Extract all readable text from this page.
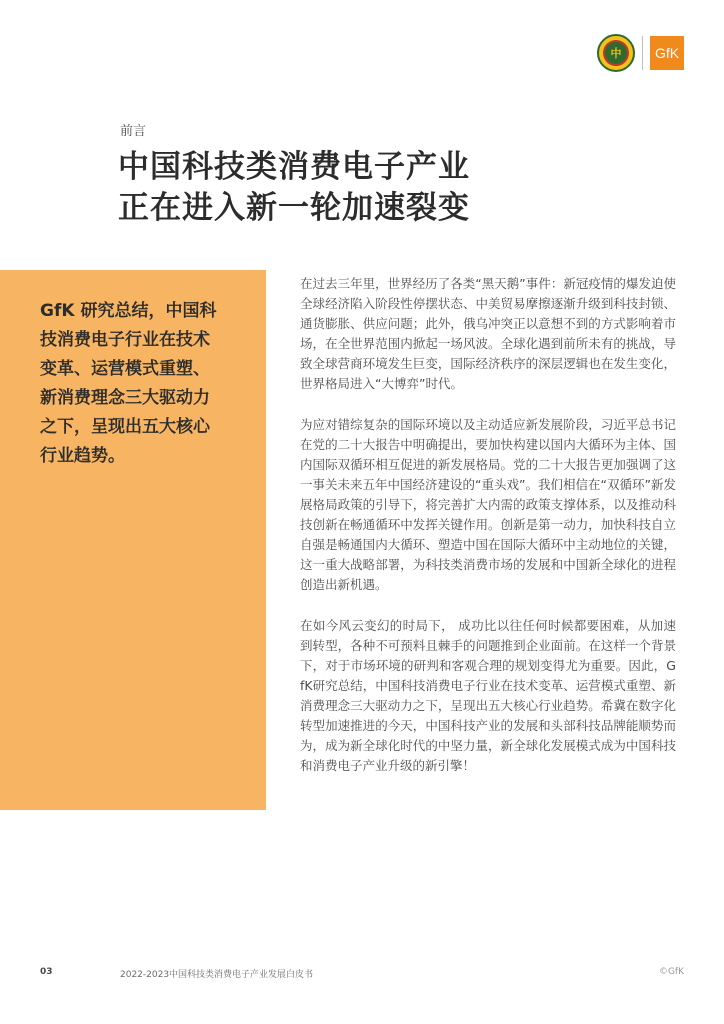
中	GfK
前言
中国科技类消费电子产业
正在进入新一轮加速裂变

GfK 研究总结，中国科
技消费电子行业在技术
变革、运营模式重塑、
新消费理念三大驱动力
之下，呈现出五大核心
行业趋势。

在过去三年里，世界经历了各类“黑天鹅”事件：新冠疫情的爆发迫使全球经济陷入阶段性停摆状态、中美贸易摩擦逐渐升级到科技封锁、通货膨胀、供应问题；此外，俄乌冲突正以意想不到的方式影响着市场，在全世界范围内掀起一场风波。全球化遇到前所未有的挑战，导致全球营商环境发生巨变，国际经济秩序的深层逻辑也在发生变化，世界格局进入“大博弈”时代。

为应对错综复杂的国际环境以及主动适应新发展阶段，习近平总书记在党的二十大报告中明确提出，要加快构建以国内大循环为主体、国内国际双循环相互促进的新发展格局。党的二十大报告更加强调了这一事关未来五年中国经济建设的“重头戏”。我们相信在“双循环”新发展格局政策的引导下，将完善扩大内需的政策支撑体系，以及推动科技创新在畅通循环中发挥关键作用。创新是第一动力，加快科技自立自强是畅通国内大循环、塑造中国在国际大循环中主动地位的关键，这一重大战略部署，为科技类消费市场的发展和中国新全球化的进程创造出新机遇。

在如今风云变幻的时局下， 成功比以往任何时候都要困难，从加速到转型，各种不可预料且棘手的问题推到企业面前。在这样一个背景下，对于市场环境的研判和客观合理的规划变得尤为重要。因此，GfK研究总结，中国科技消费电子行业在技术变革、运营模式重塑、新消费理念三大驱动力之下，呈现出五大核心行业趋势。希冀在数字化转型加速推进的今天，中国科技产业的发展和头部科技品牌能顺势而为，成为新全球化时代的中坚力量，新全球化发展模式成为中国科技和消费电子产业升级的新引擎！

03	2022-2023中国科技类消费电子产业发展白皮书	©GfK
